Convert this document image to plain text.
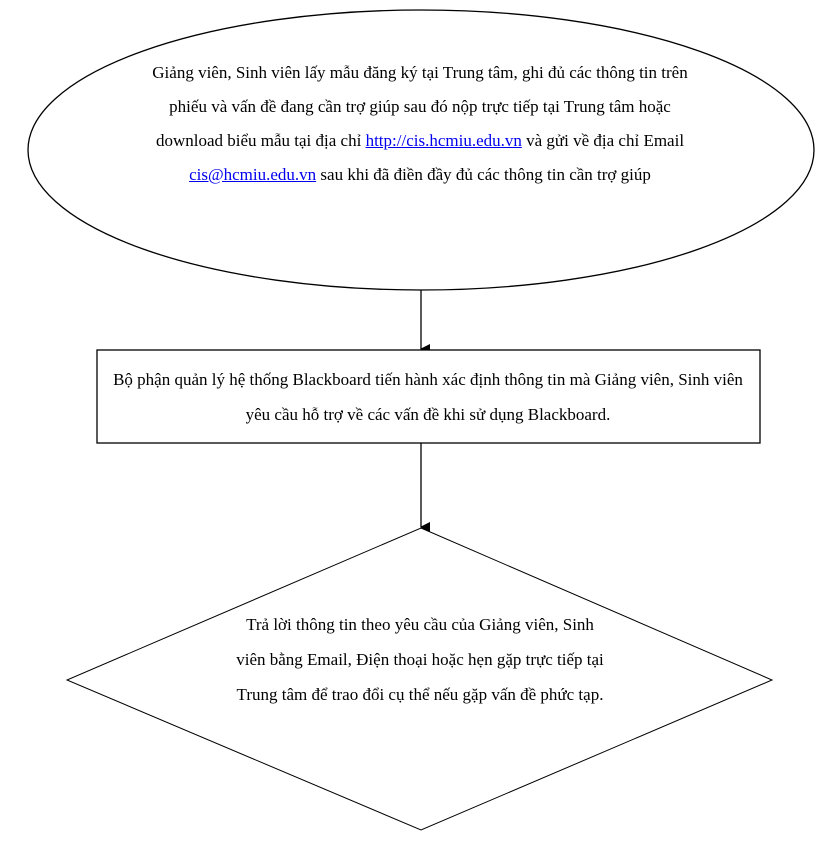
Giảng viên, Sinh viên lấy mẫu đăng ký tại Trung tâm, ghi đủ các thông tin trên phiếu và vấn đề đang cần trợ giúp sau đó nộp trực tiếp tại Trung tâm hoặc download biểu mẫu tại địa chỉ http://cis.hcmiu.edu.vn và gửi về địa chỉ Email cis@hcmiu.edu.vn sau khi đã điền đầy đủ các thông tin cần trợ giúp
Bộ phận quản lý hệ thống Blackboard tiến hành xác định thông tin mà Giảng viên, Sinh viên yêu cầu hỗ trợ về các vấn đề khi sử dụng Blackboard.
Trả lời thông tin theo yêu cầu của Giảng viên, Sinh viên bằng Email, Điện thoại hoặc hẹn gặp trực tiếp tại Trung tâm để trao đổi cụ thể nếu gặp vấn đề phức tạp.
